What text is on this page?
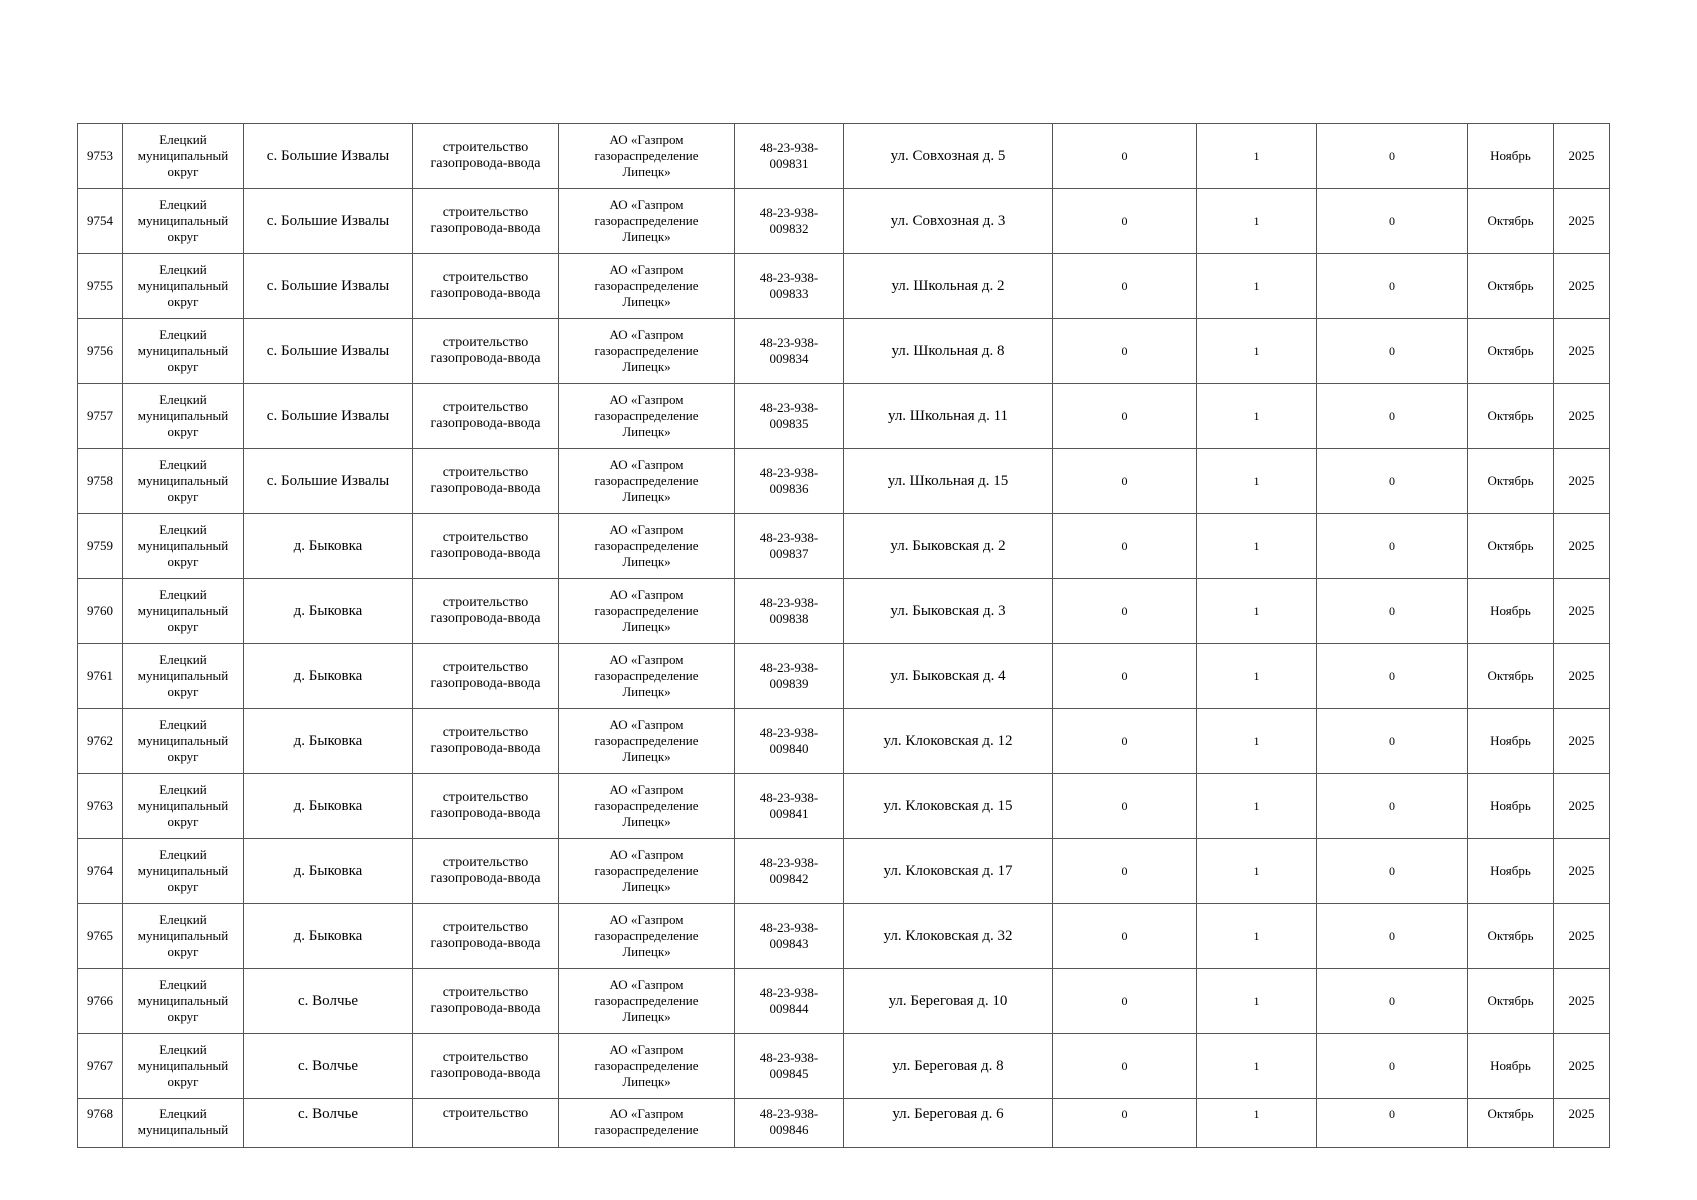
9753	Елецкий
муниципальный
округ	с. Большие Извалы	строительство
газопровода-ввода	АО «Газпром
газораспределение
Липецк»	48-23-938-
009831	ул. Совхозная д. 5	0	1	0	Ноябрь	2025
9754	Елецкий
муниципальный
округ	с. Большие Извалы	строительство
газопровода-ввода	АО «Газпром
газораспределение
Липецк»	48-23-938-
009832	ул. Совхозная д. 3	0	1	0	Октябрь	2025
9755	Елецкий
муниципальный
округ	с. Большие Извалы	строительство
газопровода-ввода	АО «Газпром
газораспределение
Липецк»	48-23-938-
009833	ул. Школьная д. 2	0	1	0	Октябрь	2025
9756	Елецкий
муниципальный
округ	с. Большие Извалы	строительство
газопровода-ввода	АО «Газпром
газораспределение
Липецк»	48-23-938-
009834	ул. Школьная д. 8	0	1	0	Октябрь	2025
9757	Елецкий
муниципальный
округ	с. Большие Извалы	строительство
газопровода-ввода	АО «Газпром
газораспределение
Липецк»	48-23-938-
009835	ул. Школьная д. 11	0	1	0	Октябрь	2025
9758	Елецкий
муниципальный
округ	с. Большие Извалы	строительство
газопровода-ввода	АО «Газпром
газораспределение
Липецк»	48-23-938-
009836	ул. Школьная д. 15	0	1	0	Октябрь	2025
9759	Елецкий
муниципальный
округ	д. Быковка	строительство
газопровода-ввода	АО «Газпром
газораспределение
Липецк»	48-23-938-
009837	ул. Быковская д. 2	0	1	0	Октябрь	2025
9760	Елецкий
муниципальный
округ	д. Быковка	строительство
газопровода-ввода	АО «Газпром
газораспределение
Липецк»	48-23-938-
009838	ул. Быковская д. 3	0	1	0	Ноябрь	2025
9761	Елецкий
муниципальный
округ	д. Быковка	строительство
газопровода-ввода	АО «Газпром
газораспределение
Липецк»	48-23-938-
009839	ул. Быковская д. 4	0	1	0	Октябрь	2025
9762	Елецкий
муниципальный
округ	д. Быковка	строительство
газопровода-ввода	АО «Газпром
газораспределение
Липецк»	48-23-938-
009840	ул. Клоковская д. 12	0	1	0	Ноябрь	2025
9763	Елецкий
муниципальный
округ	д. Быковка	строительство
газопровода-ввода	АО «Газпром
газораспределение
Липецк»	48-23-938-
009841	ул. Клоковская д. 15	0	1	0	Ноябрь	2025
9764	Елецкий
муниципальный
округ	д. Быковка	строительство
газопровода-ввода	АО «Газпром
газораспределение
Липецк»	48-23-938-
009842	ул. Клоковская д. 17	0	1	0	Ноябрь	2025
9765	Елецкий
муниципальный
округ	д. Быковка	строительство
газопровода-ввода	АО «Газпром
газораспределение
Липецк»	48-23-938-
009843	ул. Клоковская д. 32	0	1	0	Октябрь	2025
9766	Елецкий
муниципальный
округ	с. Волчье	строительство
газопровода-ввода	АО «Газпром
газораспределение
Липецк»	48-23-938-
009844	ул. Береговая д. 10	0	1	0	Октябрь	2025
9767	Елецкий
муниципальный
округ	с. Волчье	строительство
газопровода-ввода	АО «Газпром
газораспределение
Липецк»	48-23-938-
009845	ул. Береговая д. 8	0	1	0	Ноябрь	2025
9768	Елецкий
муниципальный	с. Волчье	строительство	АО «Газпром
газораспределение	48-23-938-
009846	ул. Береговая д. 6	0	1	0	Октябрь	2025
